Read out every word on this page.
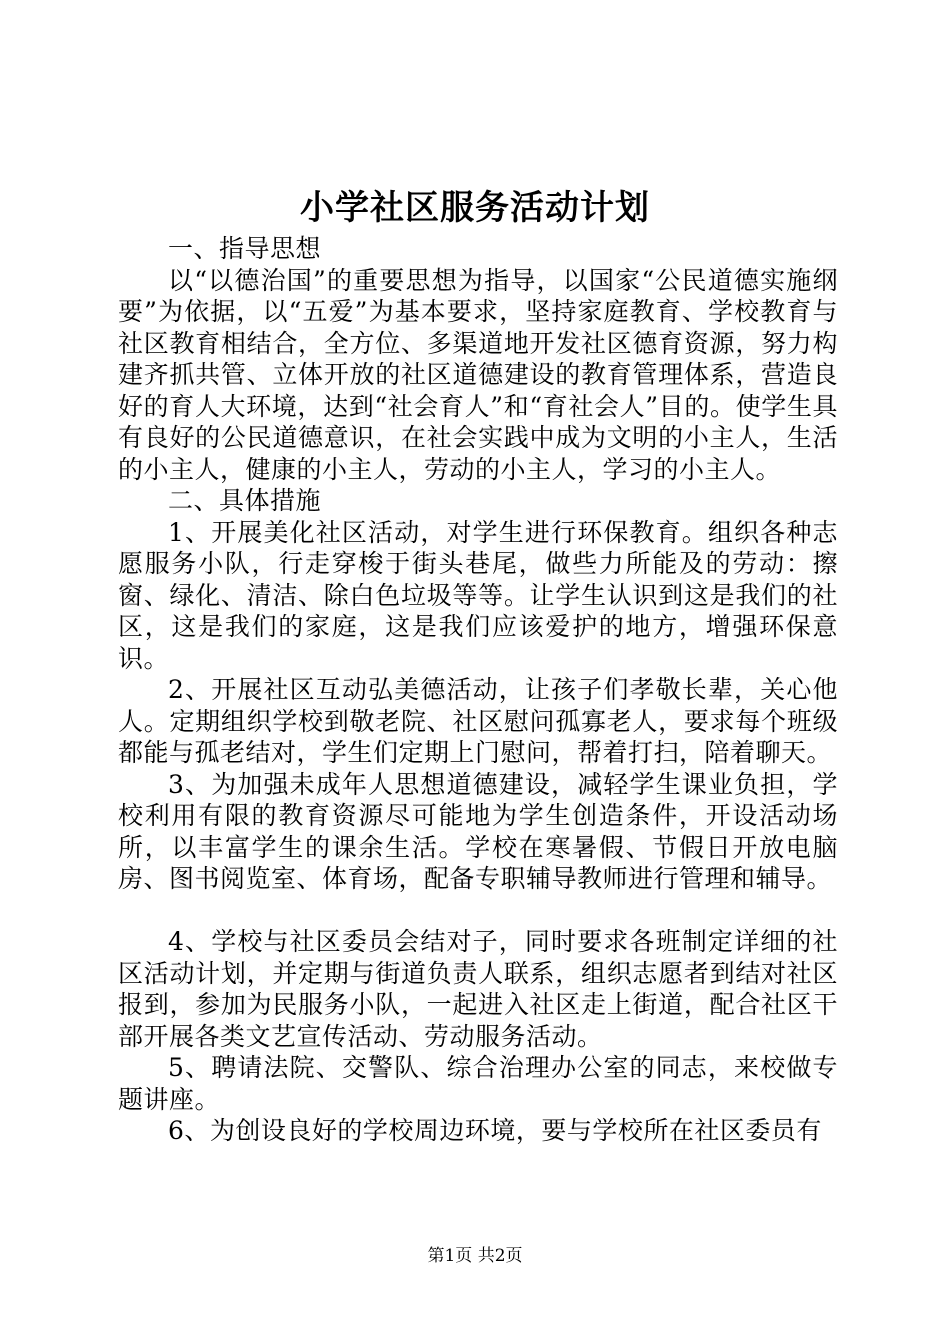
小学社区服务活动计划

一、指导思想

以“以德治国”的重要思想为指导，以国家“公民道德实施纲要”为依据，以“五爱”为基本要求，坚持家庭教育、学校教育与社区教育相结合，全方位、多渠道地开发社区德育资源，努力构建齐抓共管、立体开放的社区道德建设的教育管理体系，营造良好的育人大环境，达到“社会育人”和“育社会人”目的。使学生具有良好的公民道德意识，在社会实践中成为文明的小主人，生活的小主人，健康的小主人，劳动的小主人，学习的小主人。

二、具体措施

1、开展美化社区活动，对学生进行环保教育。组织各种志愿服务小队，行走穿梭于街头巷尾，做些力所能及的劳动：擦窗、绿化、清洁、除白色垃圾等等。让学生认识到这是我们的社区，这是我们的家庭，这是我们应该爱护的地方，增强环保意识。

2、开展社区互动弘美德活动，让孩子们孝敬长辈，关心他人。定期组织学校到敬老院、社区慰问孤寡老人，要求每个班级都能与孤老结对，学生们定期上门慰问，帮着打扫，陪着聊天。

3、为加强未成年人思想道德建设，减轻学生课业负担，学校利用有限的教育资源尽可能地为学生创造条件，开设活动场所，以丰富学生的课余生活。学校在寒暑假、节假日开放电脑房、图书阅览室、体育场，配备专职辅导教师进行管理和辅导。

4、学校与社区委员会结对子，同时要求各班制定详细的社区活动计划，并定期与街道负责人联系，组织志愿者到结对社区报到，参加为民服务小队，一起进入社区走上街道，配合社区干部开展各类文艺宣传活动、劳动服务活动。

5、聘请法院、交警队、综合治理办公室的同志，来校做专题讲座。

6、为创设良好的学校周边环境，要与学校所在社区委员有

第1页 共2页
